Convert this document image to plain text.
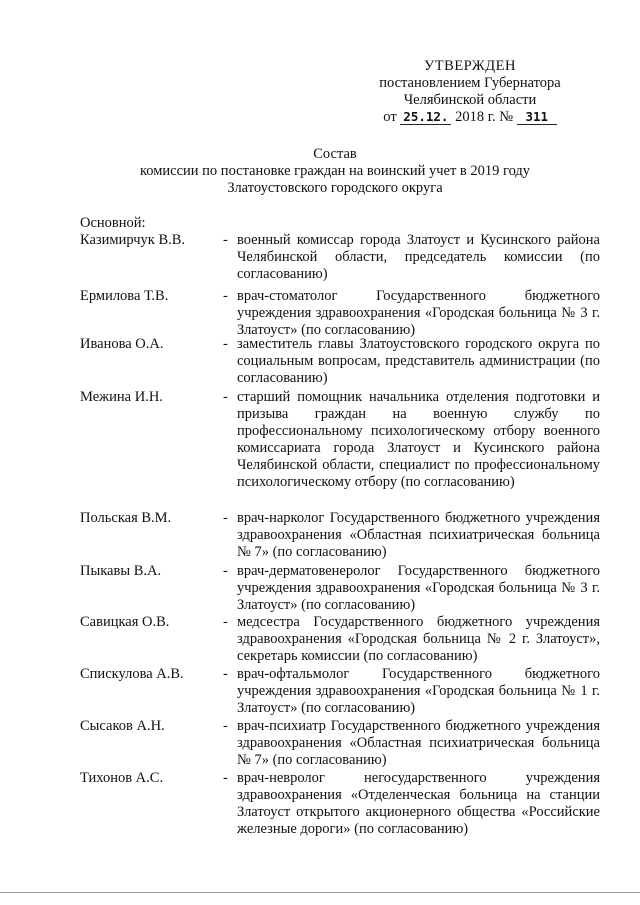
УТВЕРЖДЕН
постановлением Губернатора
Челябинской области
от 25.12. 2018 г. № 311
Состав
комиссии по постановке граждан на воинский учет в 2019 году
Златоустовского городского округа
Основной:
Казимирчук В.В.	- военный комиссар города Златоуст и Кусинского района Челябинской области, председатель комиссии (по согласованию)
Ермилова Т.В.	- врач-стоматолог Государственного бюджетного учреждения здравоохранения «Городская больница № 3 г. Златоуст» (по согласованию)
Иванова О.А.	- заместитель главы Златоустовского городского округа по социальным вопросам, представитель администрации (по согласованию)
Межина И.Н.	- старший помощник начальника отделения подготовки и призыва граждан на военную службу по профессиональному психологическому отбору военного комиссариата города Златоуст и Кусинского района Челябинской области, специалист по профессиональному психологическому отбору (по согласованию)
Польская В.М.	- врач-нарколог Государственного бюджетного учреждения здравоохранения «Областная психиатрическая больница № 7» (по согласованию)
Пыкавы В.А.	- врач-дерматовенеролог Государственного бюджетного учреждения здравоохранения «Городская больница № 3 г. Златоуст» (по согласованию)
Савицкая О.В.	- медсестра Государственного бюджетного учреждения здравоохранения «Городская больница № 2 г. Златоуст», секретарь комиссии (по согласованию)
Спискулова А.В.	- врач-офтальмолог Государственного бюджетного учреждения здравоохранения «Городская больница № 1 г. Златоуст» (по согласованию)
Сысаков А.Н.	- врач-психиатр Государственного бюджетного учреждения здравоохранения «Областная психиатрическая больница № 7» (по согласованию)
Тихонов А.С.	- врач-невролог негосударственного учреждения здравоохранения «Отделенческая больница на станции Златоуст открытого акционерного общества «Российские железные дороги» (по согласованию)
